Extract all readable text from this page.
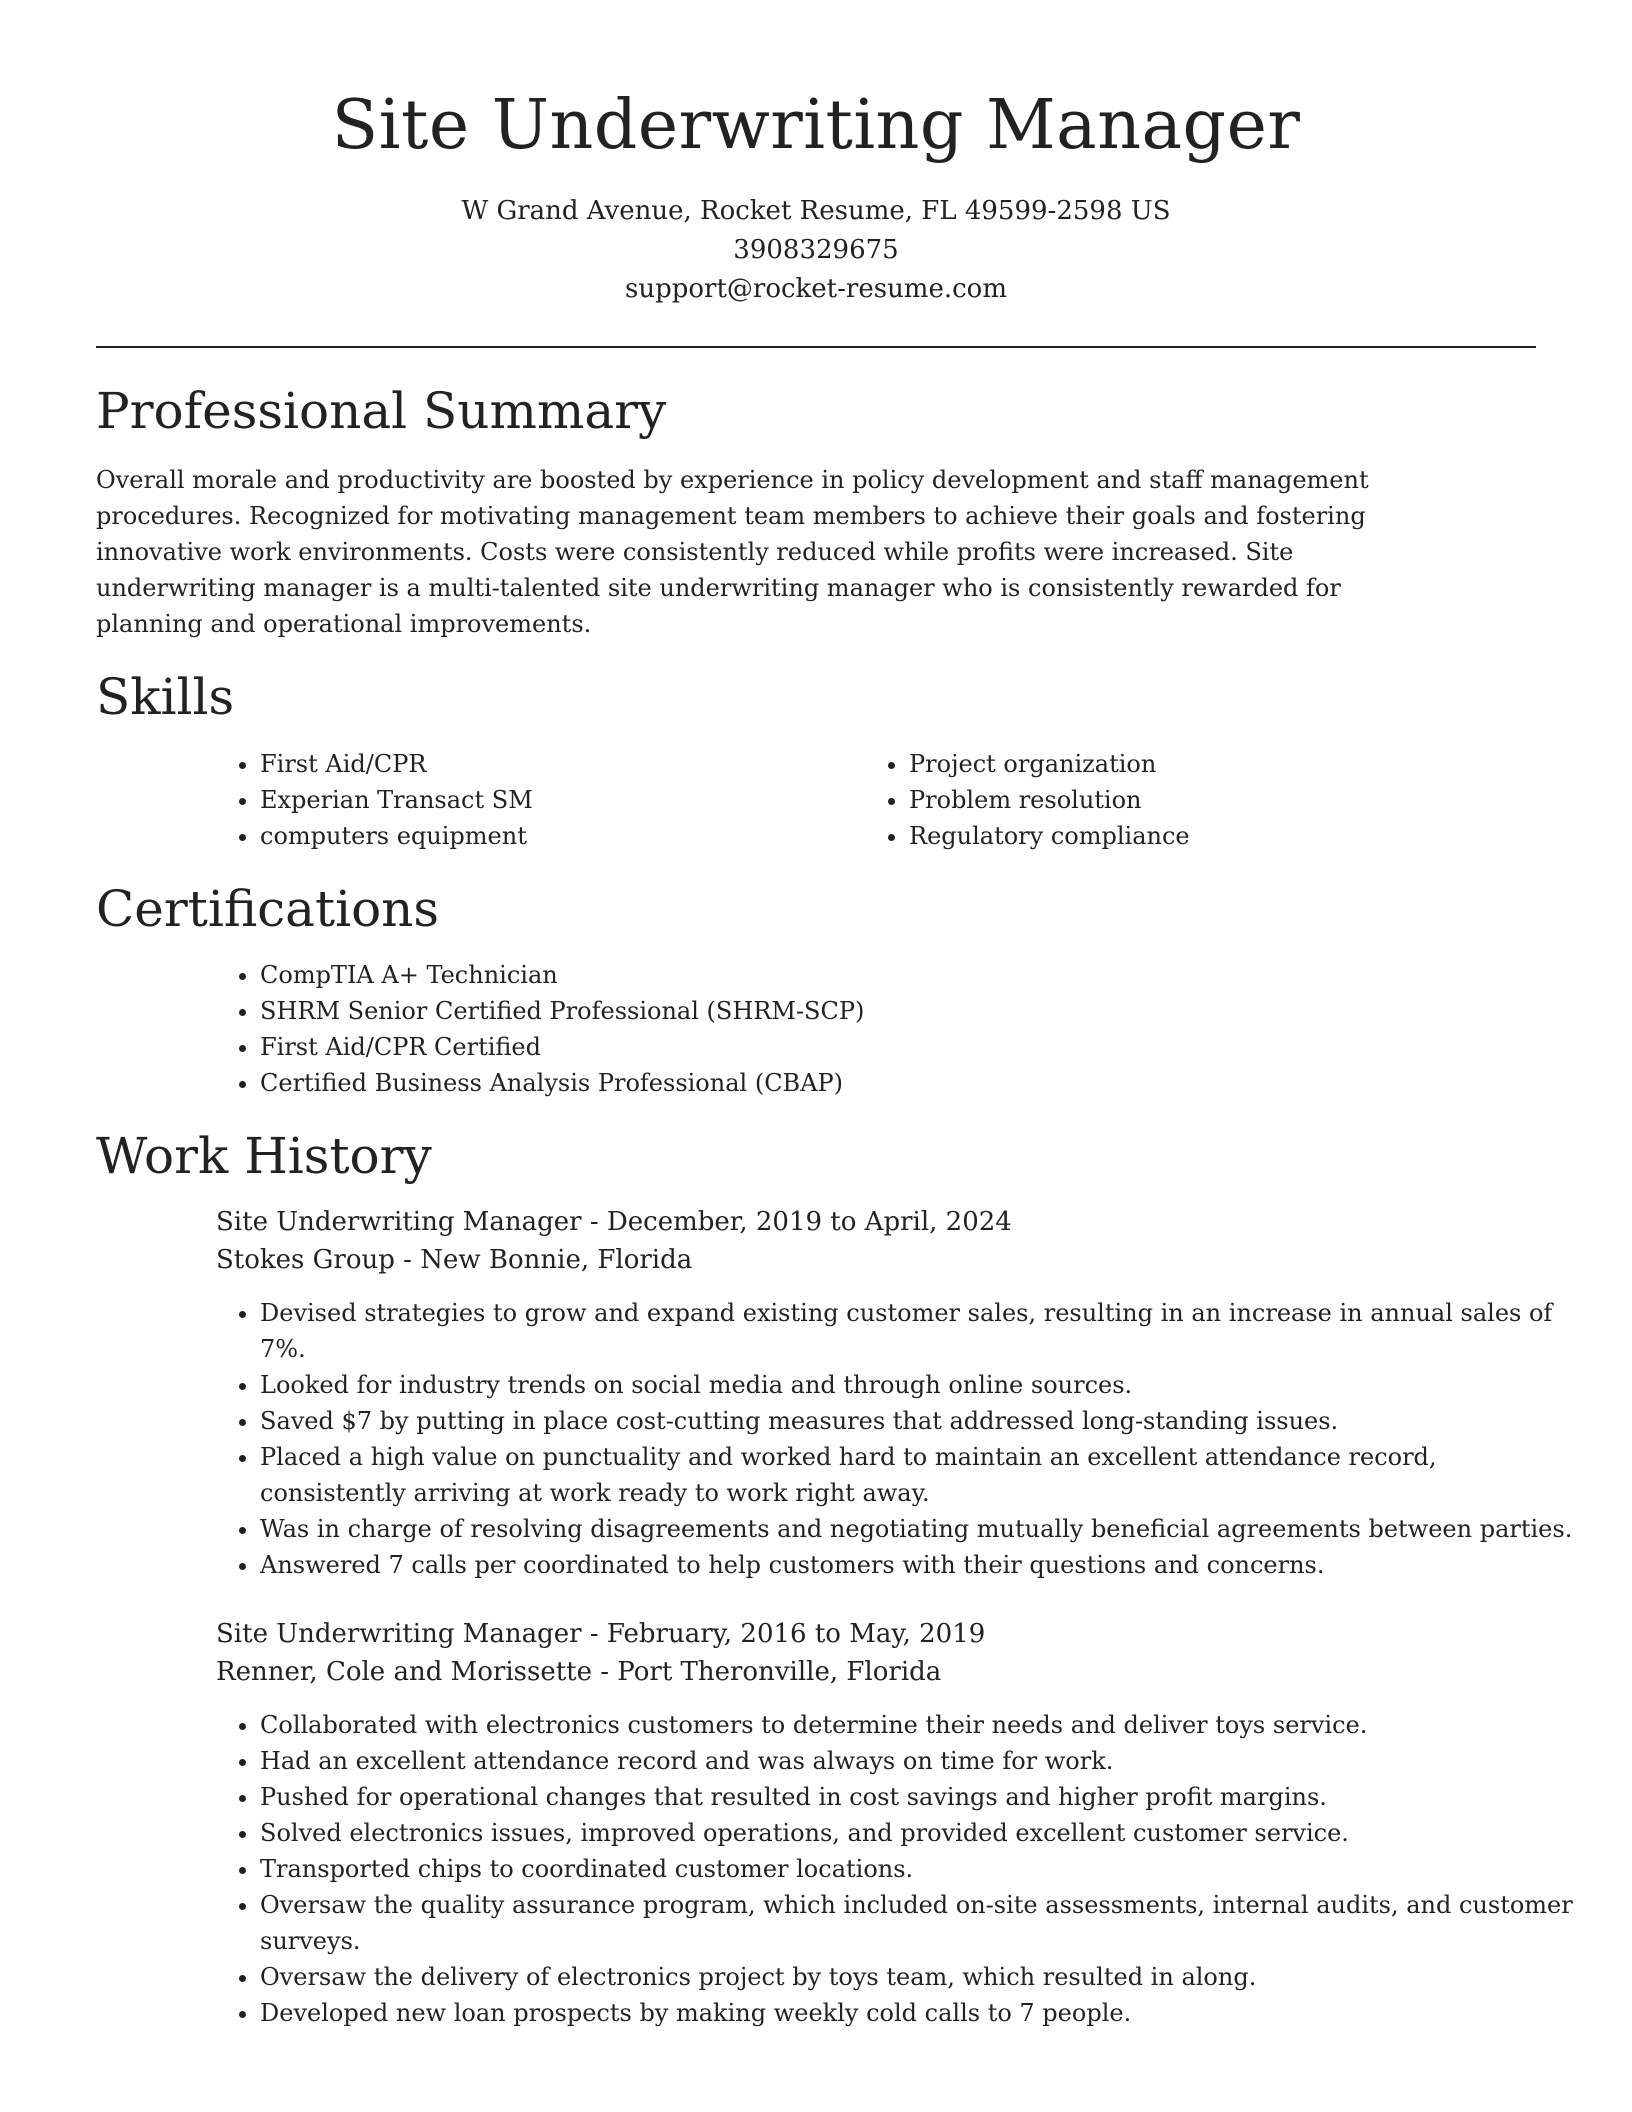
Site Underwriting Manager
W Grand Avenue, Rocket Resume, FL 49599-2598 US
3908329675
support@rocket-resume.com
Professional Summary

Overall morale and productivity are boosted by experience in policy development and staff management procedures. Recognized for motivating management team members to achieve their goals and fostering innovative work environments. Costs were consistently reduced while profits were increased. Site underwriting manager is a multi-talented site underwriting manager who is consistently rewarded for planning and operational improvements.

Skills
• First Aid/CPR
• Experian Transact SM
• computers equipment
• Project organization
• Problem resolution
• Regulatory compliance
Certifications
• CompTIA A+ Technician
• SHRM Senior Certified Professional (SHRM-SCP)
• First Aid/CPR Certified
• Certified Business Analysis Professional (CBAP)
Work History
Site Underwriting Manager - December, 2019 to April, 2024
Stokes Group - New Bonnie, Florida
• Devised strategies to grow and expand existing customer sales, resulting in an increase in annual sales of 7%.
• Looked for industry trends on social media and through online sources.
• Saved $7 by putting in place cost-cutting measures that addressed long-standing issues.
• Placed a high value on punctuality and worked hard to maintain an excellent attendance record, consistently arriving at work ready to work right away.
• Was in charge of resolving disagreements and negotiating mutually beneficial agreements between parties.
• Answered 7 calls per coordinated to help customers with their questions and concerns.
Site Underwriting Manager - February, 2016 to May, 2019
Renner, Cole and Morissette - Port Theronville, Florida
• Collaborated with electronics customers to determine their needs and deliver toys service.
• Had an excellent attendance record and was always on time for work.
• Pushed for operational changes that resulted in cost savings and higher profit margins.
• Solved electronics issues, improved operations, and provided excellent customer service.
• Transported chips to coordinated customer locations.
• Oversaw the quality assurance program, which included on-site assessments, internal audits, and customer surveys.
• Oversaw the delivery of electronics project by toys team, which resulted in along.
• Developed new loan prospects by making weekly cold calls to 7 people.
